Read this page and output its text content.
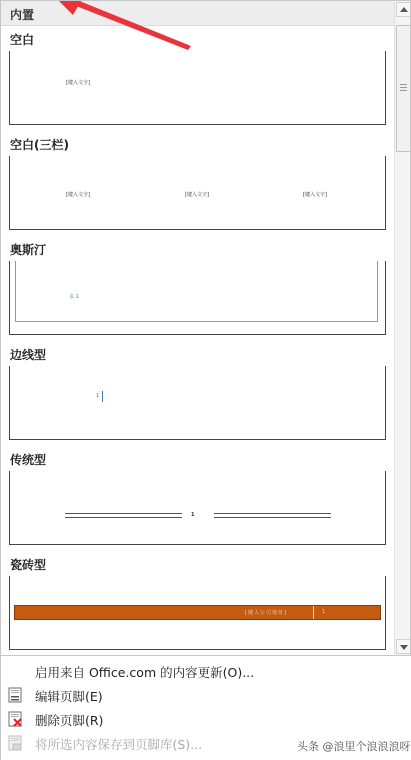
内置
空白
[键入文字]
空白(三栏)
[键入文字]	[键入文字]	[键入文字]
奥斯汀
页 1
边线型
1
传统型
1
瓷砖型
[键入公司地址]	1
启用来自 Office.com 的内容更新(O)...
编辑页脚(E)
删除页脚(R)
将所选内容保存到页脚库(S)...	头条 @浪里个浪浪浪呀
